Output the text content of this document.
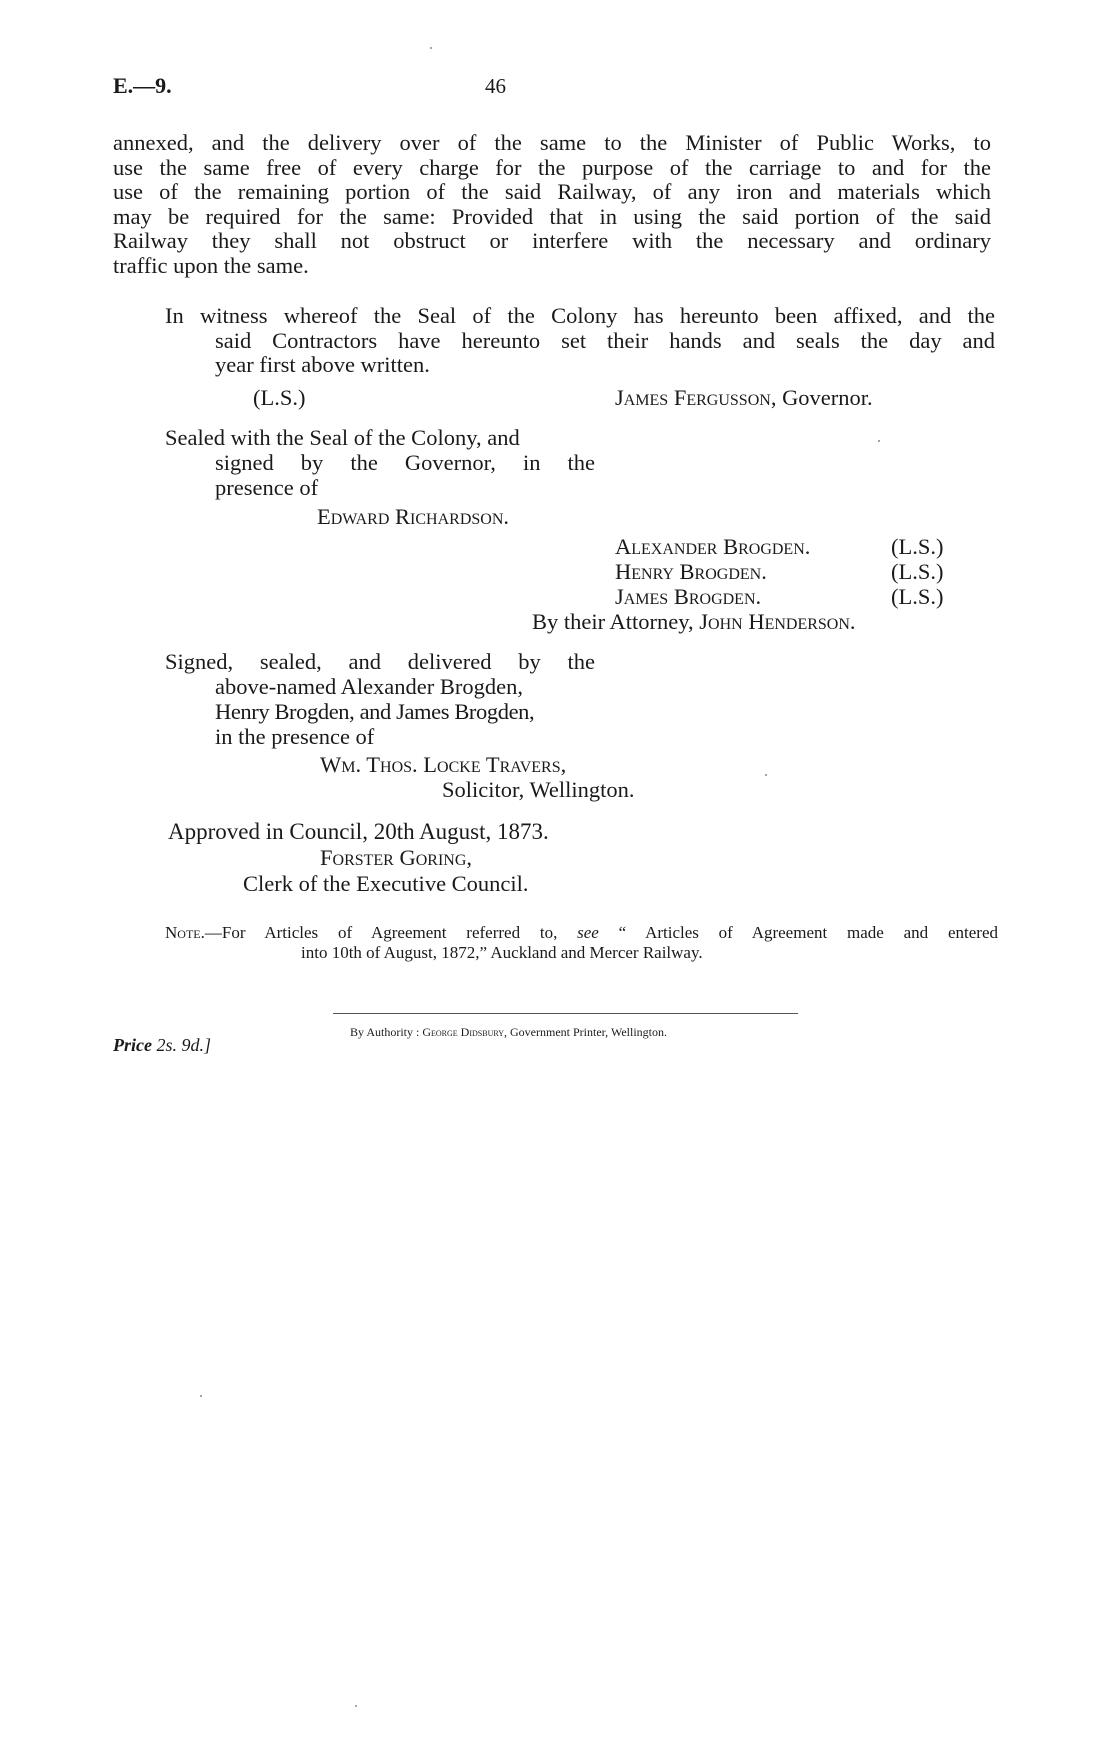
E.—9.	46
annexed, and the delivery over of the same to the Minister of Public Works, to
use the same free of every charge for the purpose of the carriage to and for the
use of the remaining portion of the said Railway, of any iron and materials which
may be required for the same: Provided that in using the said portion of the said
Railway they shall not obstruct or interfere with the necessary and ordinary
traffic upon the same.
In witness whereof the Seal of the Colony has hereunto been affixed, and the
said Contractors have hereunto set their hands and seals the day and
year first above written.
(L.S.)	James Fergusson, Governor.
Sealed with the Seal of the Colony, and
signed by the Governor, in the
presence of
Edward Richardson.
Alexander Brogden.	(L.S.)
Henry Brogden.	(L.S.)
James Brogden.	(L.S.)
By their Attorney, John Henderson.
Signed, sealed, and delivered by the
above-named Alexander Brogden,
Henry Brogden, and James Brogden,
in the presence of
Wm. Thos. Locke Travers,
Solicitor, Wellington.
Approved in Council, 20th August, 1873.
Forster Goring,
Clerk of the Executive Council.
Note.—For Articles of Agreement referred to, see “ Articles of Agreement made and entered
into 10th of August, 1872,” Auckland and Mercer Railway.
By Authority : George Didsbury, Government Printer, Wellington.
Price 2s. 9d.]
